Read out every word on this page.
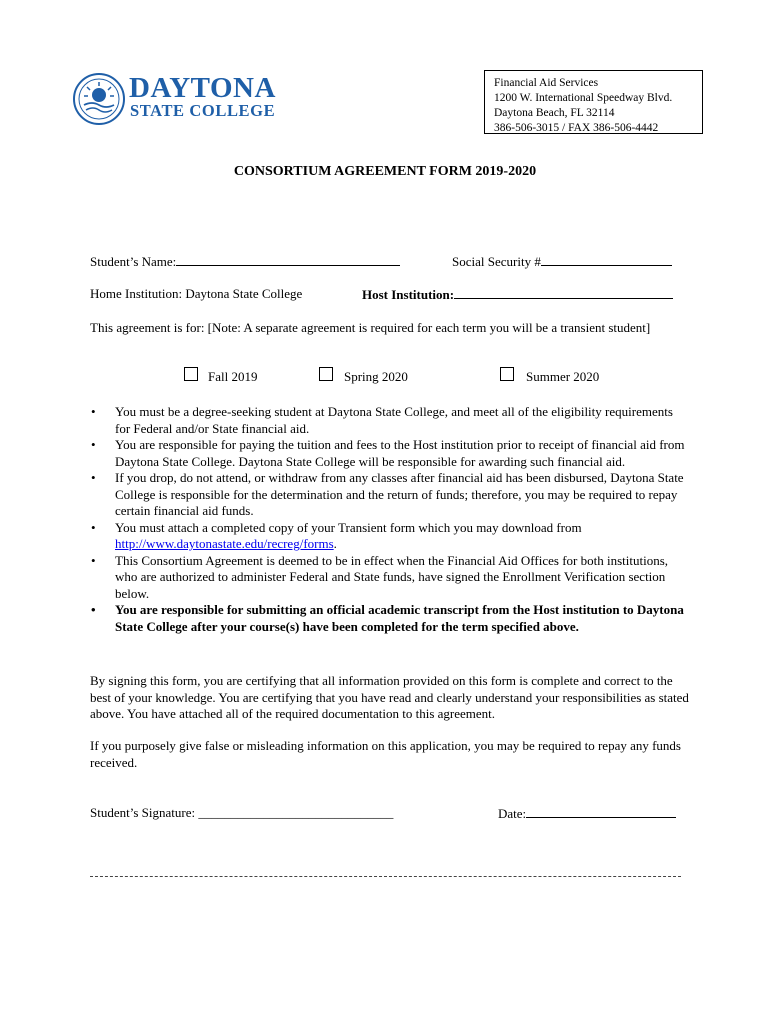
DAYTONA
STATE COLLEGE
Financial Aid Services
1200 W. International Speedway Blvd.
Daytona Beach, FL 32114
386-506-3015 / FAX 386-506-4442
CONSORTIUM AGREEMENT FORM 2019-2020
Student’s Name:	Social Security #
Home Institution: Daytona State College	Host Institution:
This agreement is for: [Note: A separate agreement is required for each term you will be a transient student]
Fall 2019	Spring 2020	Summer 2020
• You must be a degree-seeking student at Daytona State College, and meet all of the eligibility requirements for Federal and/or State financial aid.
• You are responsible for paying the tuition and fees to the Host institution prior to receipt of financial aid from Daytona State College. Daytona State College will be responsible for awarding such financial aid.
• If you drop, do not attend, or withdraw from any classes after financial aid has been disbursed, Daytona State College is responsible for the determination and the return of funds; therefore, you may be required to repay certain financial aid funds.
• You must attach a completed copy of your Transient form which you may download from
http://www.daytonastate.edu/recreg/forms.
• This Consortium Agreement is deemed to be in effect when the Financial Aid Offices for both institutions, who are authorized to administer Federal and State funds, have signed the Enrollment Verification section below.
• You are responsible for submitting an official academic transcript from the Host institution to Daytona State College after your course(s) have been completed for the term specified above.
By signing this form, you are certifying that all information provided on this form is complete and correct to the best of your knowledge. You are certifying that you have read and clearly understand your responsibilities as stated above. You have attached all of the required documentation to this agreement.
If you purposely give false or misleading information on this application, you may be required to repay any funds received.
Student’s Signature: ______________________________	Date:
